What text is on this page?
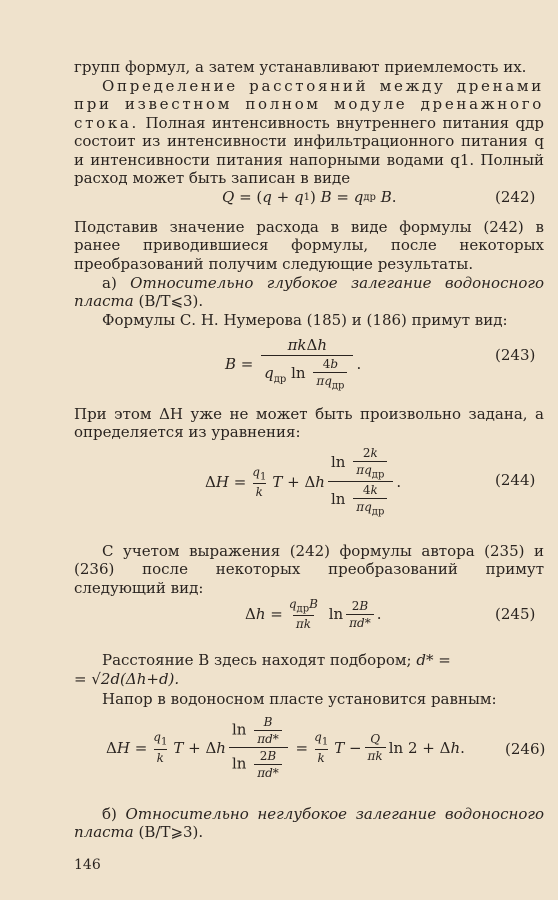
групп формул, а затем устанавливают приемлемость их.
Определение расстояний между дренами при известном полном модуле дренажного стока. Полная интенсивность внутреннего питания qдр состоит из интенсивности инфильтрационного питания q и интенсивности питания напорными водами q1. Полный расход может быть записан в виде
Q = ( q + q 1 ) B = q др
B .	(242)
Подставив значение расхода в виде формулы (242) в ранее приводившиеся формулы, после некоторых преобразований получим следующие результаты.
а) Относительно глубокое залегание водоносного пласта (B/T⩽3).
Формулы С. Н. Нумерова (185) и (186) примут вид:
$B = \frac{\text{πkΔh}}{q_{др} \ln \frac{4b}{\pi q_{др}}}$ .	(243)
При этом ΔH уже не может быть произвольно задана, а определяется из уравнения:
Δ $H = \frac{q_1}{k}$ T + Δ h $\frac{\ln \frac{2k}{\pi q_{др}}}{\ln \frac{4k}{\pi q_{др}}}$ .	(244)
С учетом выражения (242) формулы автора (235) и (236) после некоторых преобразований примут следующий вид:
Δ $h = \frac{q_{др}B}{\pi k}$ $\ln \frac{2B}{\pi d*}$ .	(245)
Расстояние B здесь находят подбором; d* =
= √2d(Δh+d).
Напор в водоносном пласте установится равным:
Δ $H = \frac{q_1}{k}$ T + Δ h $\frac{\ln \frac{B}{\pi d*}}{\ln \frac{2B}{\pi d*}} = \frac{q_1}{k}$ $T - \frac{Q}{\pi k}$ ln 2 + Δ h .	(246)
б) Относительно неглубокое залегание водоносного пласта (B/T⩾3).
146
